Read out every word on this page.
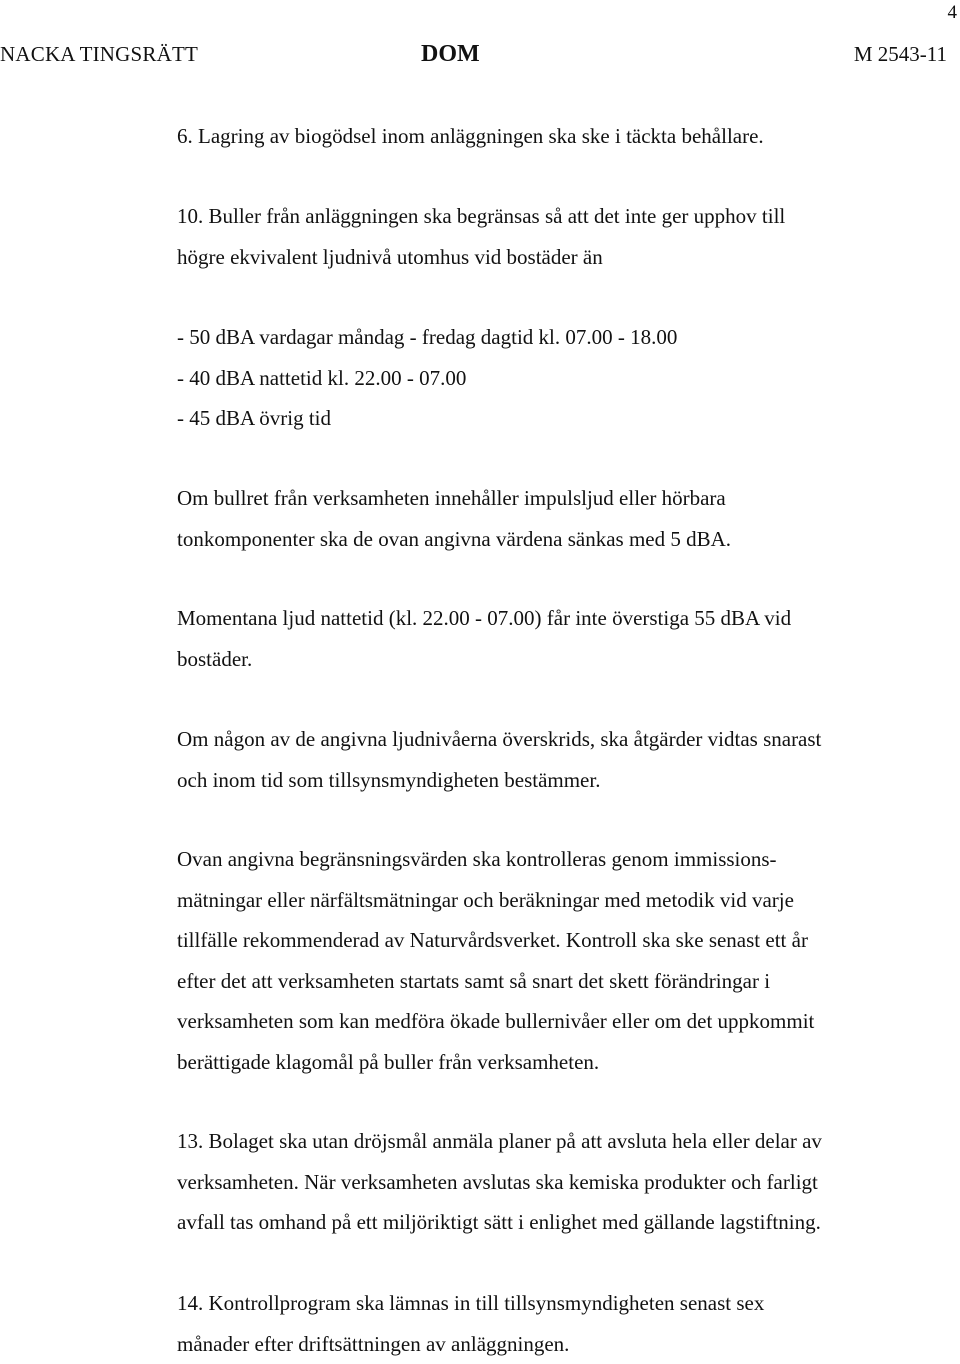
4
NACKA TINGSRÄTT	DOM	M 2543-11
6. Lagring av biogödsel inom anläggningen ska ske i täckta behållare.
10. Buller från anläggningen ska begränsas så att det inte ger upphov till
högre ekvivalent ljudnivå utomhus vid bostäder än
- 50 dBA vardagar måndag - fredag dagtid kl. 07.00 - 18.00
- 40 dBA nattetid kl. 22.00 - 07.00
- 45 dBA övrig tid
Om bullret från verksamheten innehåller impulsljud eller hörbara
tonkomponenter ska de ovan angivna värdena sänkas med 5 dBA.
Momentana ljud nattetid (kl. 22.00 - 07.00) får inte överstiga 55 dBA vid
bostäder.
Om någon av de angivna ljudnivåerna överskrids, ska åtgärder vidtas snarast
och inom tid som tillsynsmyndigheten bestämmer.
Ovan angivna begränsningsvärden ska kontrolleras genom immissions-
mätningar eller närfältsmätningar och beräkningar med metodik vid varje
tillfälle rekommenderad av Naturvårdsverket. Kontroll ska ske senast ett år
efter det att verksamheten startats samt så snart det skett förändringar i
verksamheten som kan medföra ökade bullernivåer eller om det uppkommit
berättigade klagomål på buller från verksamheten.
13. Bolaget ska utan dröjsmål anmäla planer på att avsluta hela eller delar av
verksamheten. När verksamheten avslutas ska kemiska produkter och farligt
avfall tas omhand på ett miljöriktigt sätt i enlighet med gällande lagstiftning.
14. Kontrollprogram ska lämnas in till tillsynsmyndigheten senast sex
månader efter driftsättningen av anläggningen.
